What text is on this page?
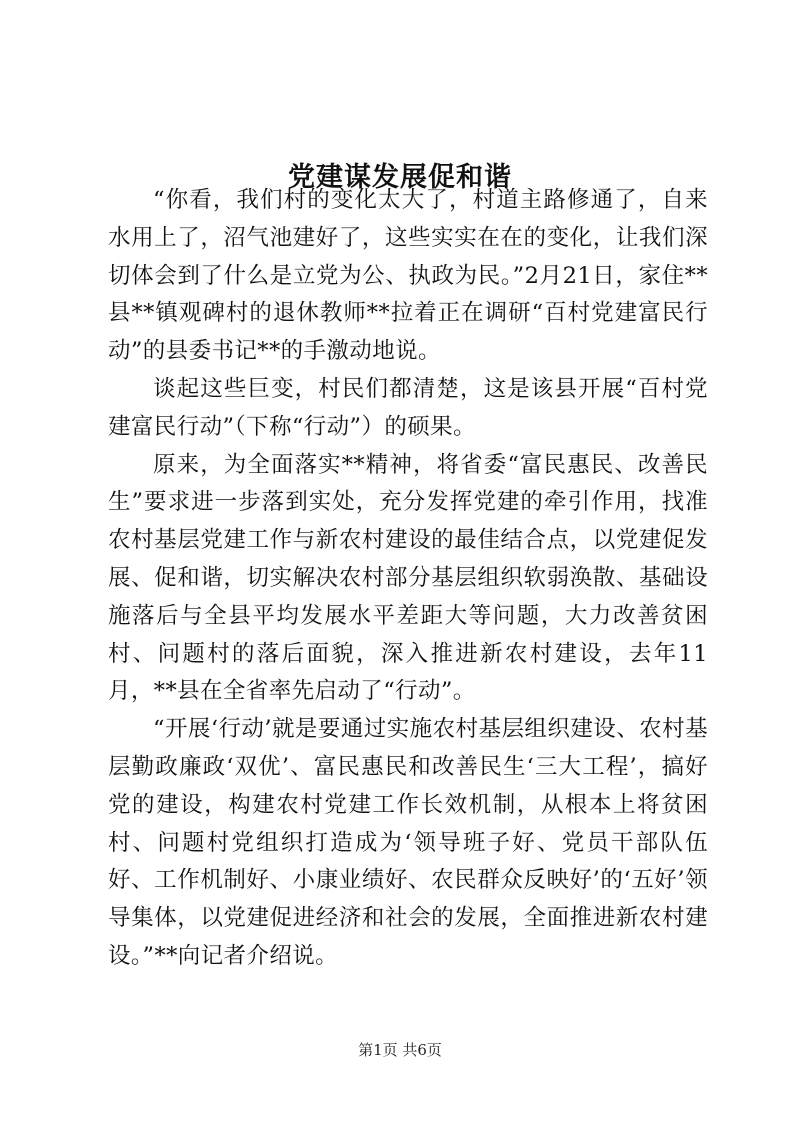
党建谋发展促和谐

“你看，我们村的变化太大了，村道主路修通了，自来水用上了，沼气池建好了，这些实实在在的变化，让我们深切体会到了什么是立党为公、执政为民。”2月21日，家住**县**镇观碑村的退休教师**拉着正在调研“百村党建富民行动”的县委书记**的手激动地说。

谈起这些巨变，村民们都清楚，这是该县开展“百村党建富民行动”（下称“行动”）的硕果。

原来，为全面落实**精神，将省委“富民惠民、改善民生”要求进一步落到实处，充分发挥党建的牵引作用，找准农村基层党建工作与新农村建设的最佳结合点，以党建促发展、促和谐，切实解决农村部分基层组织软弱涣散、基础设施落后与全县平均发展水平差距大等问题，大力改善贫困村、问题村的落后面貌，深入推进新农村建设，去年11月，**县在全省率先启动了“行动”。

“开展‘行动’就是要通过实施农村基层组织建设、农村基层勤政廉政‘双优’、富民惠民和改善民生‘三大工程’，搞好党的建设，构建农村党建工作长效机制，从根本上将贫困村、问题村党组织打造成为‘领导班子好、党员干部队伍好、工作机制好、小康业绩好、农民群众反映好’的‘五好’领导集体，以党建促进经济和社会的发展，全面推进新农村建设。”**向记者介绍说。

第1页 共6页
